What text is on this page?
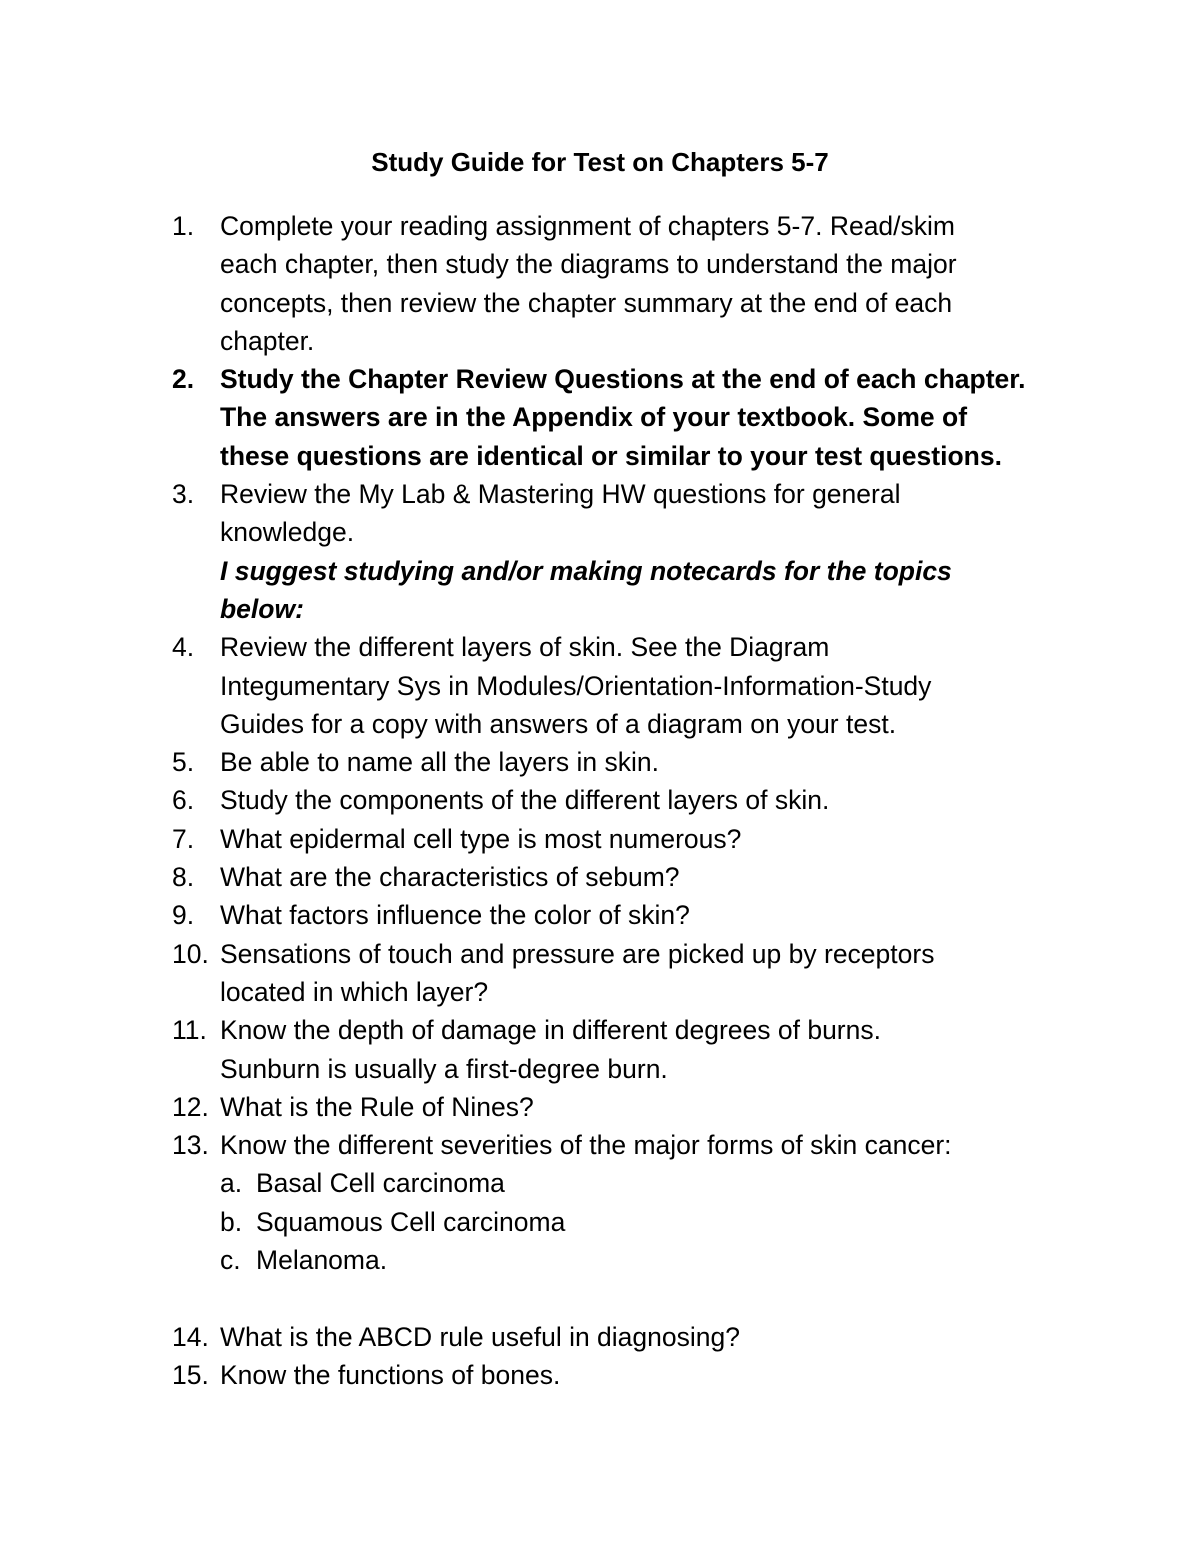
Study Guide for Test on Chapters 5-7
1. Complete your reading assignment of chapters 5-7. Read/skim
each chapter, then study the diagrams to understand the major
concepts, then review the chapter summary at the end of each
chapter.
2. Study the Chapter Review Questions at the end of each chapter.
The answers are in the Appendix of your textbook. Some of
these questions are identical or similar to your test questions.
3. Review the My Lab & Mastering HW questions for general
knowledge.
I suggest studying and/or making notecards for the topics
below:
4. Review the different layers of skin. See the Diagram
Integumentary Sys in Modules/Orientation-Information-Study
Guides for a copy with answers of a diagram on your test.
5. Be able to name all the layers in skin.
6. Study the components of the different layers of skin.
7. What epidermal cell type is most numerous?
8. What are the characteristics of sebum?
9. What factors influence the color of skin?
10. Sensations of touch and pressure are picked up by receptors
located in which layer?
11. Know the depth of damage in different degrees of burns.
Sunburn is usually a first-degree burn.
12. What is the Rule of Nines?
13. Know the different severities of the major forms of skin cancer:
a. Basal Cell carcinoma
b. Squamous Cell carcinoma
c. Melanoma.
14. What is the ABCD rule useful in diagnosing?
15. Know the functions of bones.
